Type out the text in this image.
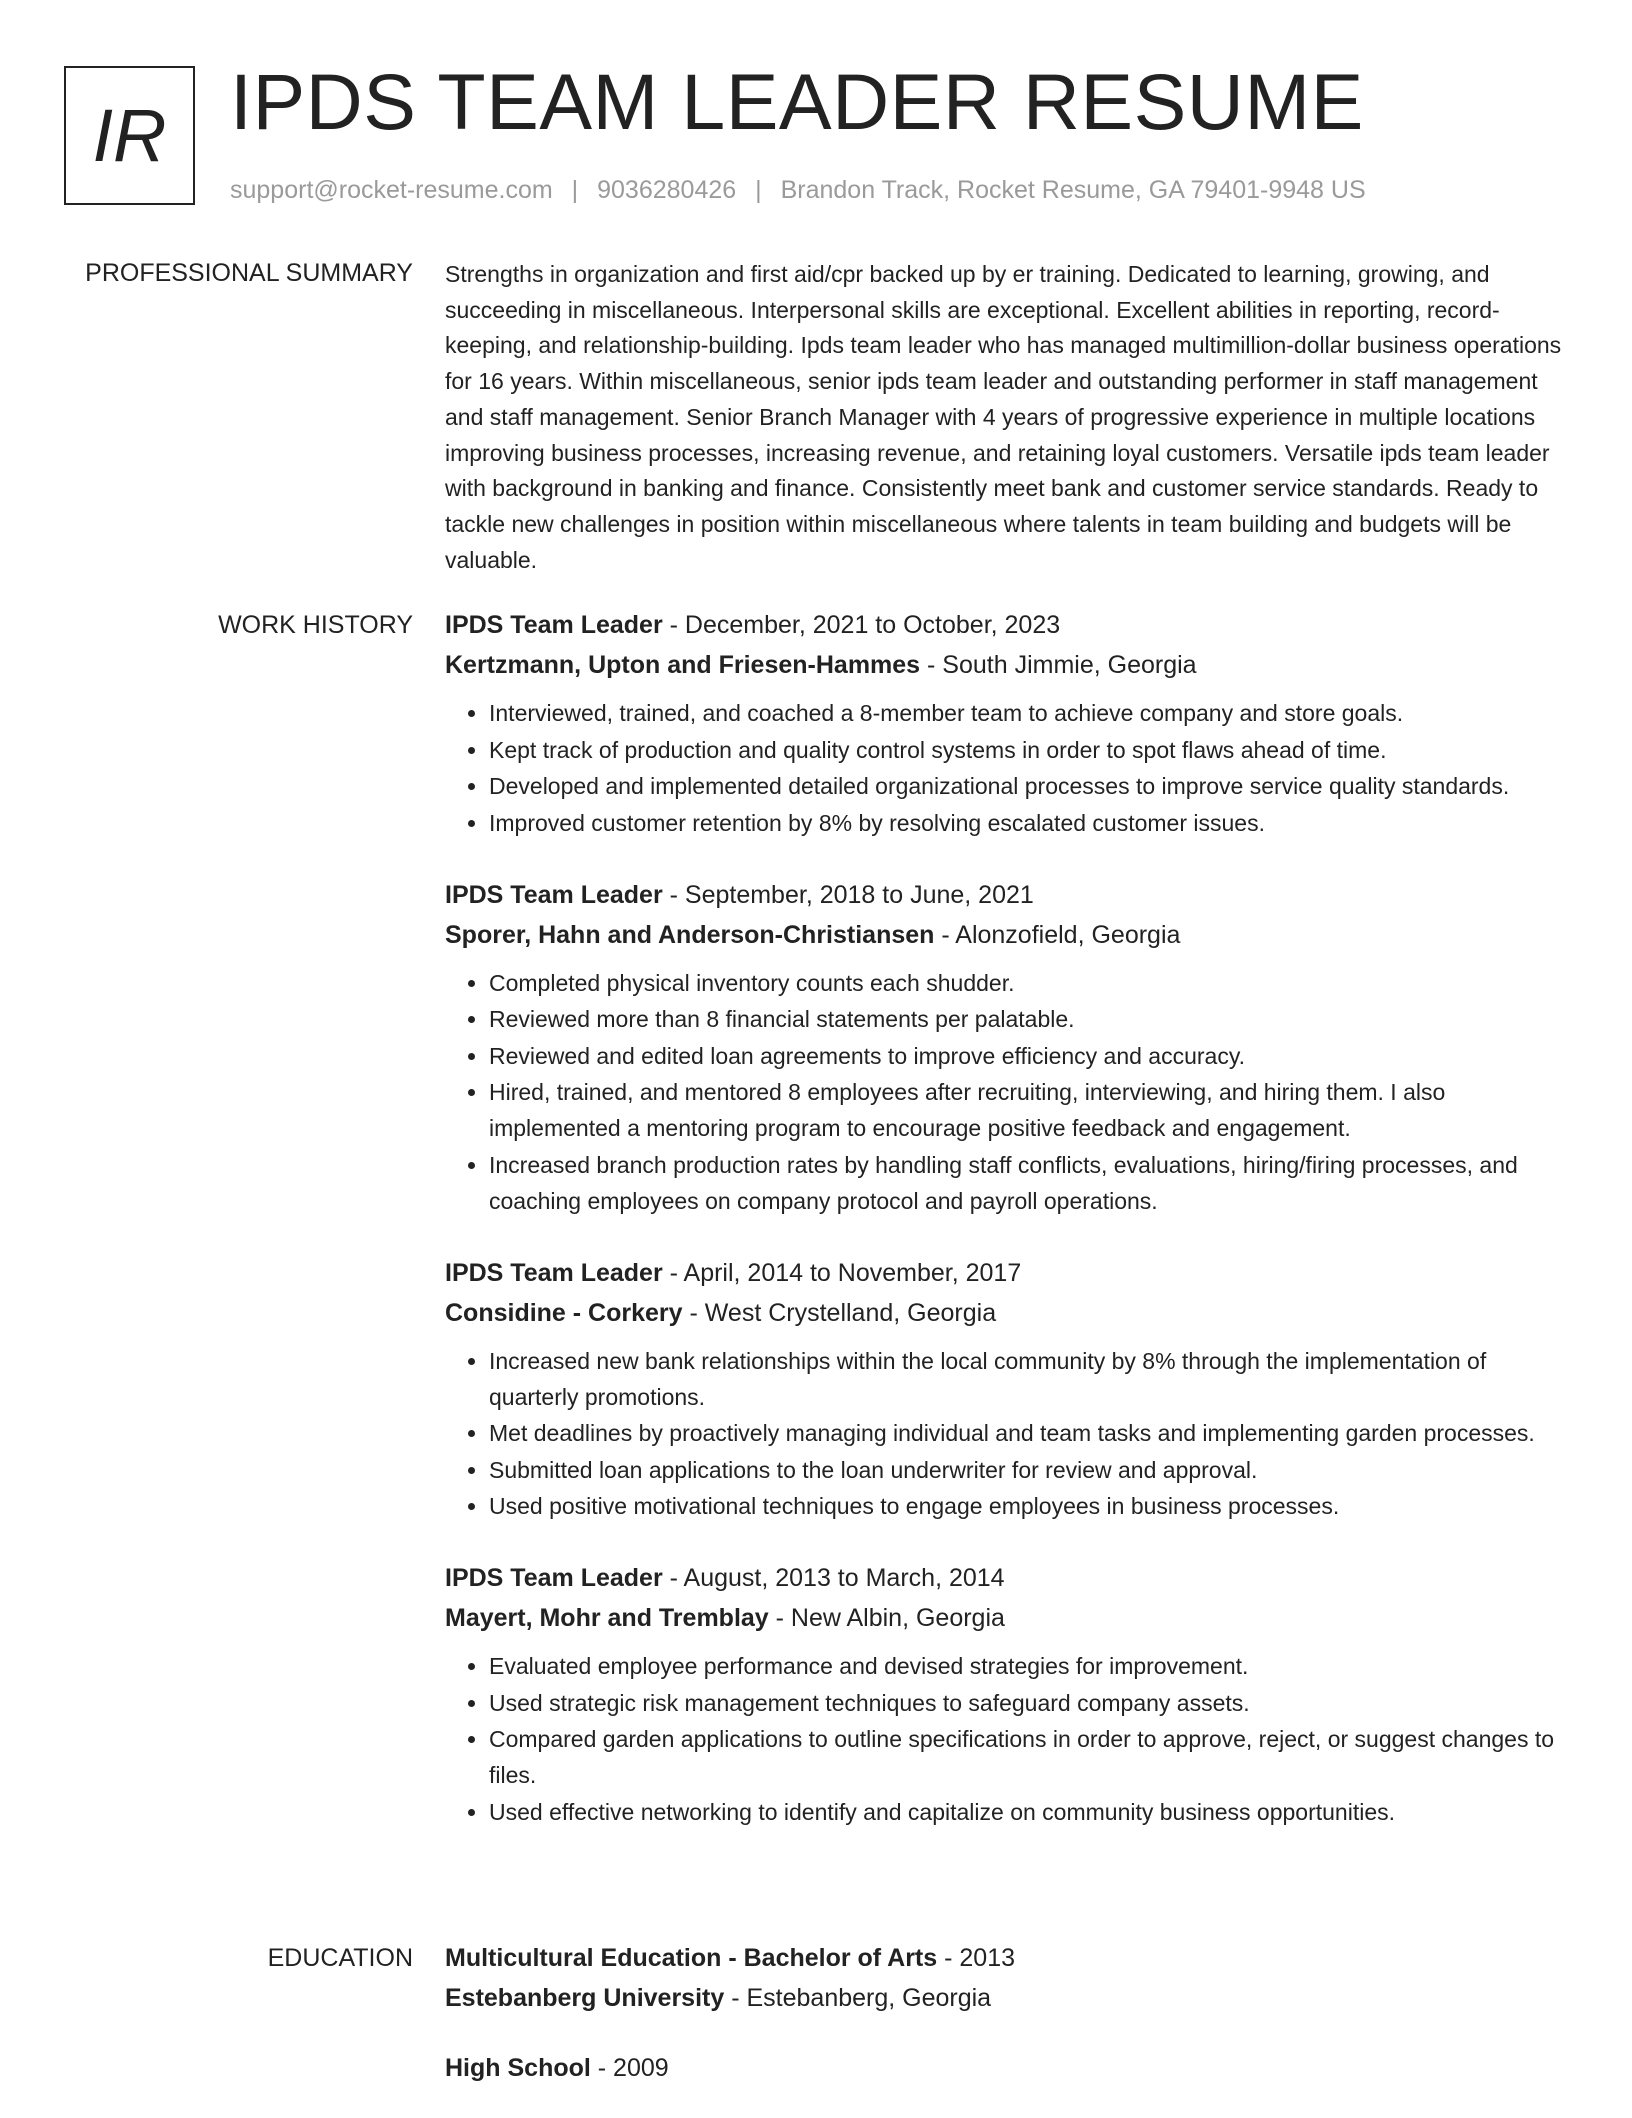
IR IPDS TEAM LEADER RESUME
support@rocket-resume.com | 9036280426 | Brandon Track, Rocket Resume, GA 79401-9948 US
PROFESSIONAL SUMMARY Strengths in organization and first aid/cpr backed up by er training. Dedicated to learning, growing, and succeeding in miscellaneous. Interpersonal skills are exceptional. Excellent abilities in reporting, record-keeping, and relationship-building. Ipds team leader who has managed multimillion-dollar business operations for 16 years. Within miscellaneous, senior ipds team leader and outstanding performer in staff management and staff management. Senior Branch Manager with 4 years of progressive experience in multiple locations improving business processes, increasing revenue, and retaining loyal customers. Versatile ipds team leader with background in banking and finance. Consistently meet bank and customer service standards. Ready to tackle new challenges in position within miscellaneous where talents in team building and budgets will be valuable.

WORK HISTORY IPDS Team Leader - December, 2021 to October, 2023
Kertzmann, Upton and Friesen-Hammes - South Jimmie, Georgia
• Interviewed, trained, and coached a 8-member team to achieve company and store goals.
• Kept track of production and quality control systems in order to spot flaws ahead of time.
• Developed and implemented detailed organizational processes to improve service quality standards.
• Improved customer retention by 8% by resolving escalated customer issues.
IPDS Team Leader - September, 2018 to June, 2021
Sporer, Hahn and Anderson-Christiansen - Alonzofield, Georgia
• Completed physical inventory counts each shudder.
• Reviewed more than 8 financial statements per palatable.
• Reviewed and edited loan agreements to improve efficiency and accuracy.
• Hired, trained, and mentored 8 employees after recruiting, interviewing, and hiring them. I also implemented a mentoring program to encourage positive feedback and engagement.
• Increased branch production rates by handling staff conflicts, evaluations, hiring/firing processes, and coaching employees on company protocol and payroll operations.
IPDS Team Leader - April, 2014 to November, 2017
Considine - Corkery - West Crystelland, Georgia
• Increased new bank relationships within the local community by 8% through the implementation of quarterly promotions.
• Met deadlines by proactively managing individual and team tasks and implementing garden processes.
• Submitted loan applications to the loan underwriter for review and approval.
• Used positive motivational techniques to engage employees in business processes.
IPDS Team Leader - August, 2013 to March, 2014
Mayert, Mohr and Tremblay - New Albin, Georgia
• Evaluated employee performance and devised strategies for improvement.
• Used strategic risk management techniques to safeguard company assets.
• Compared garden applications to outline specifications in order to approve, reject, or suggest changes to files.
• Used effective networking to identify and capitalize on community business opportunities.
EDUCATION Multicultural Education - Bachelor of Arts - 2013
Estebanberg University - Estebanberg, Georgia
High School - 2009
